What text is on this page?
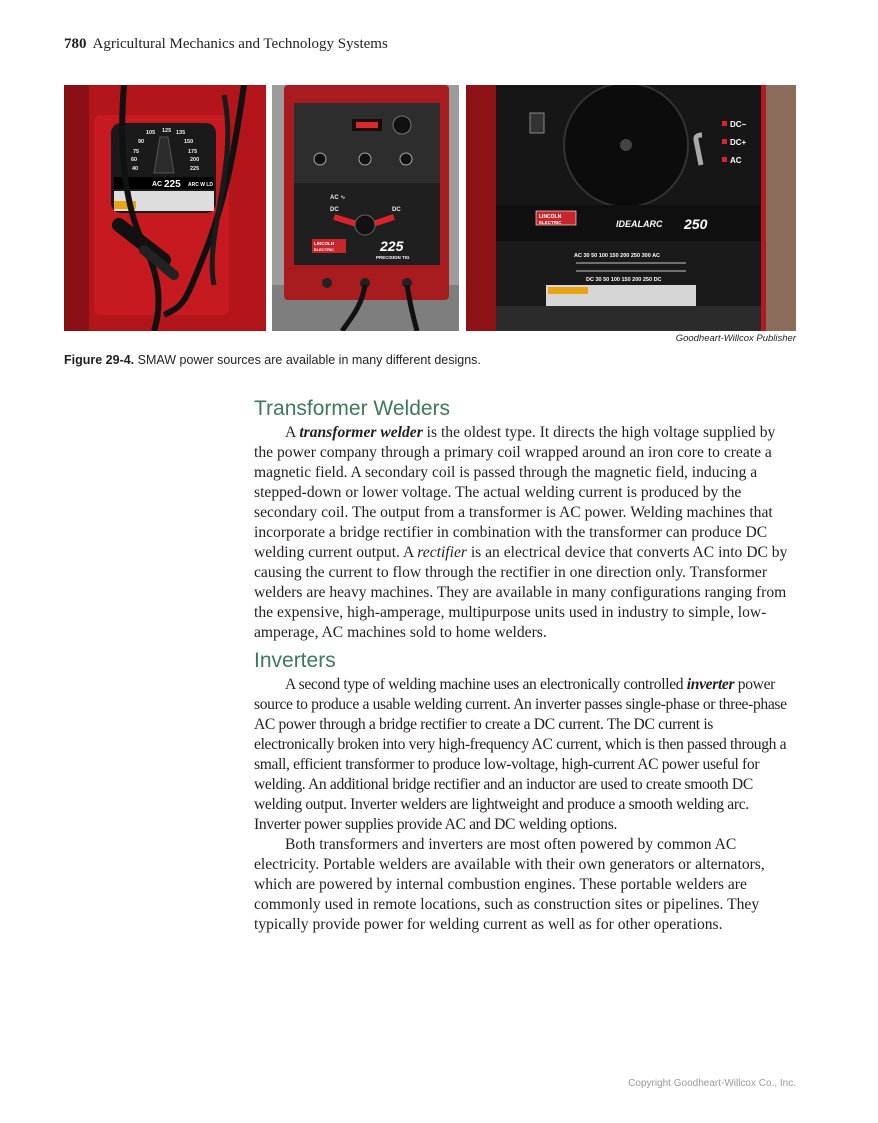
780 Agricultural Mechanics and Technology Systems
105 125 135
90	150
75	175
60	200
40	225
AC 225 ARC W LD
AC ∿
DC	DC
LINCOLN
ELECTRIC	225
PRECISION TIG
DC−
DC+
AC
LINCOLN
ELECTRIC	IDEALARC 250
AC 30 50 100 150 200 250 300 AC
DC 30 50 100 150 200 250 DC
Goodheart-Willcox Publisher
Figure 29-4. SMAW power sources are available in many different designs.
Transformer Welders

A transformer welder is the oldest type. It directs the high voltage supplied by the power company through a primary coil wrapped around an iron core to create a magnetic field. A secondary coil is passed through the magnetic field, inducing a stepped-down or lower voltage. The actual welding current is produced by the secondary coil. The output from a transformer is AC power. Welding machines that incorporate a bridge rectifier in combination with the transformer can produce DC welding current output. A rectifier is an electrical device that converts AC into DC by causing the current to flow through the rectifier in one direction only. Transformer welders are heavy machines. They are available in many configurations ranging from the expensive, high-amperage, multipurpose units used in industry to simple, low-amperage, AC machines sold to home welders.

Inverters

A second type of welding machine uses an electronically controlled inverter power source to produce a usable welding current. An inverter passes single-phase or three-phase AC power through a bridge rectifier to create a DC current. The DC current is electronically broken into very high-frequency AC current, which is then passed through a small, efficient transformer to produce low-voltage, high-current AC power useful for welding. An additional bridge rectifier and an inductor are used to create smooth DC welding output. Inverter welders are lightweight and produce a smooth welding arc. Inverter power supplies provide AC and DC welding options.

Both transformers and inverters are most often powered by common AC electricity. Portable welders are available with their own generators or alternators, which are powered by internal combustion engines. These portable welders are commonly used in remote locations, such as construction sites or pipelines. They typically provide power for welding current as well as for other operations.

Copyright Goodheart-Willcox Co., Inc.
